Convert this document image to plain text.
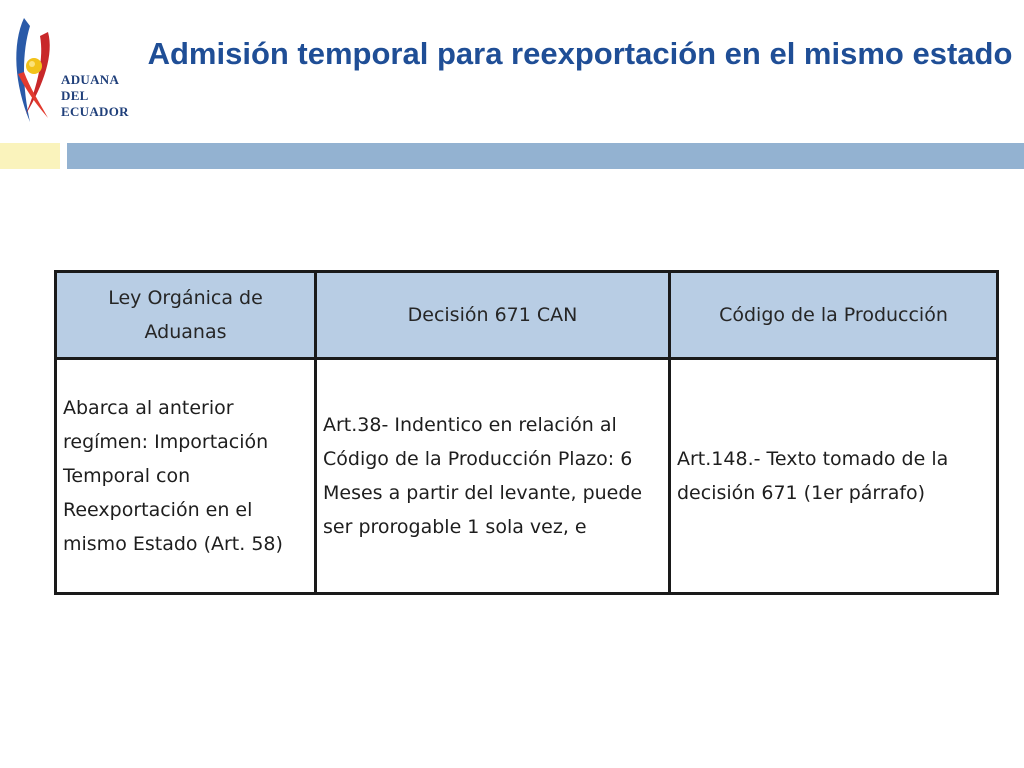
ADUANA
DEL
ECUADOR
Admisión temporal para reexportación en el mismo estado
Ley Orgánica de Aduanas	Decisión 671 CAN	Código de la Producción
Abarca al anterior regímen: Importación Temporal con Reexportación en el mismo Estado (Art. 58)	Art.38- Indentico en relación al Código de la Producción Plazo: 6 Meses a partir del levante, puede ser prorogable 1 sola vez, e	Art.148.- Texto tomado de la decisión 671 (1er párrafo)
